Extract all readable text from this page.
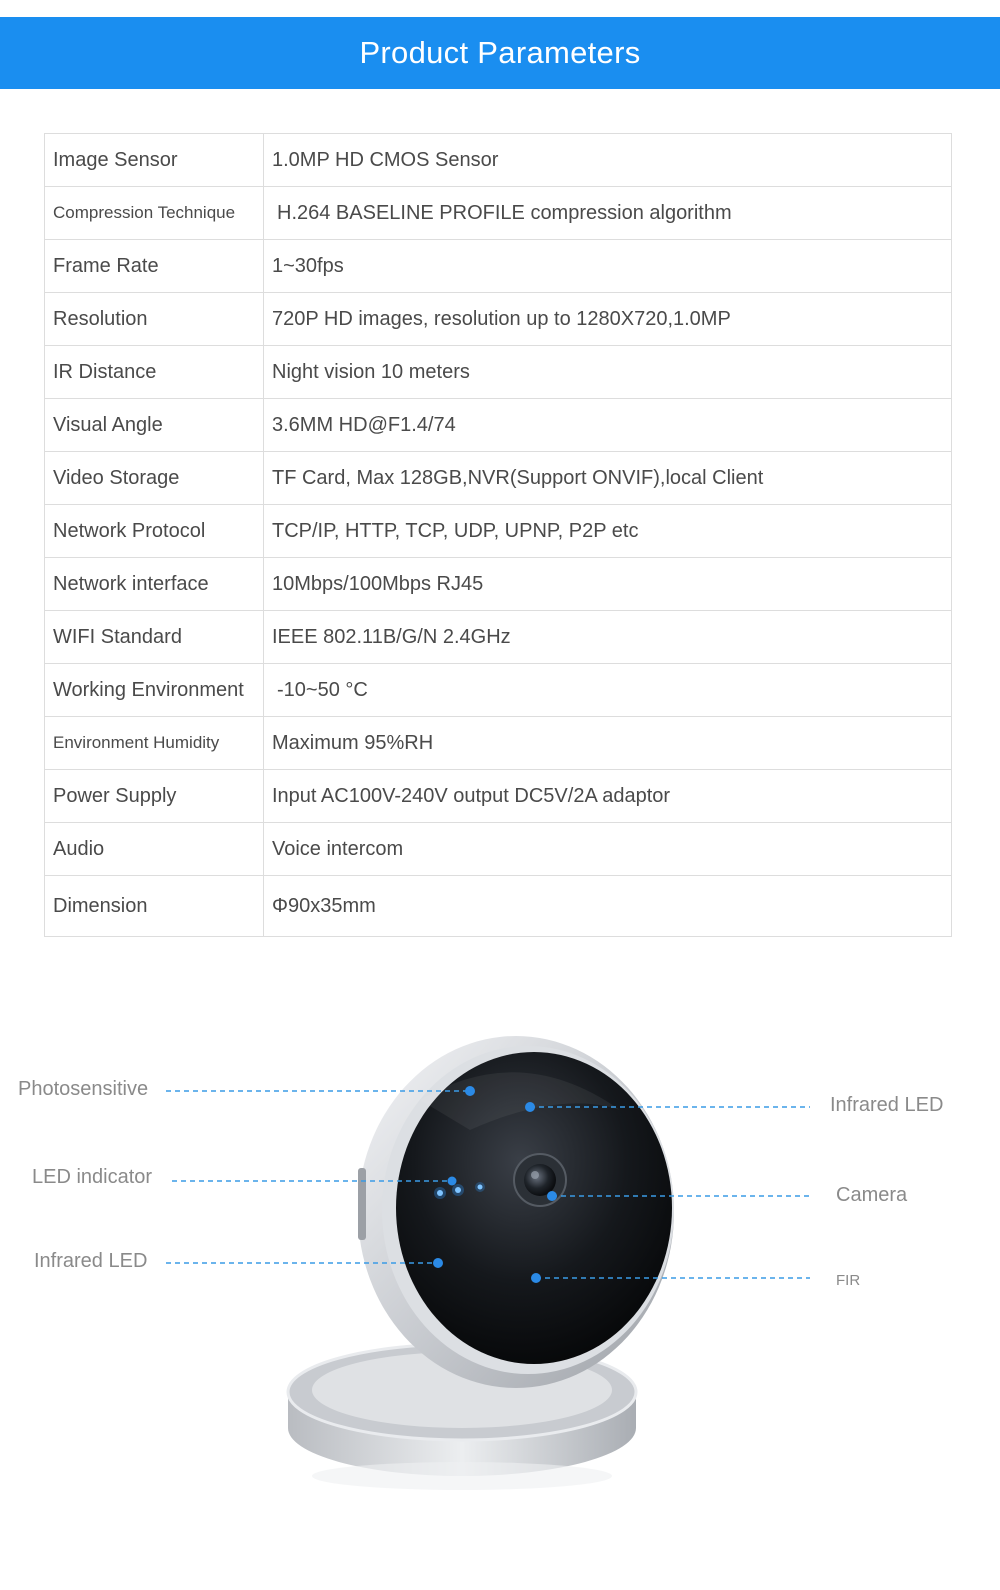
Product Parameters
Image Sensor	1.0MP HD CMOS Sensor
Compression Technique	H.264 BASELINE PROFILE compression algorithm
Frame Rate	1~30fps
Resolution	720P HD images, resolution up to 1280X720,1.0MP
IR Distance	Night vision 10 meters
Visual Angle	3.6MM HD@F1.4/74
Video Storage	TF Card, Max 128GB,NVR(Support ONVIF),local Client
Network Protocol	TCP/IP, HTTP, TCP, UDP, UPNP, P2P etc
Network interface	10Mbps/100Mbps RJ45
WIFI Standard	IEEE 802.11B/G/N 2.4GHz
Working Environment	-10~50 °C
Environment Humidity	Maximum 95%RH
Power Supply	Input AC100V-240V output DC5V/2A adaptor
Audio	Voice intercom
Dimension	Φ90x35mm
Photosensitive
LED indicator
Infrared LED
Infrared LED
Camera
FIR
